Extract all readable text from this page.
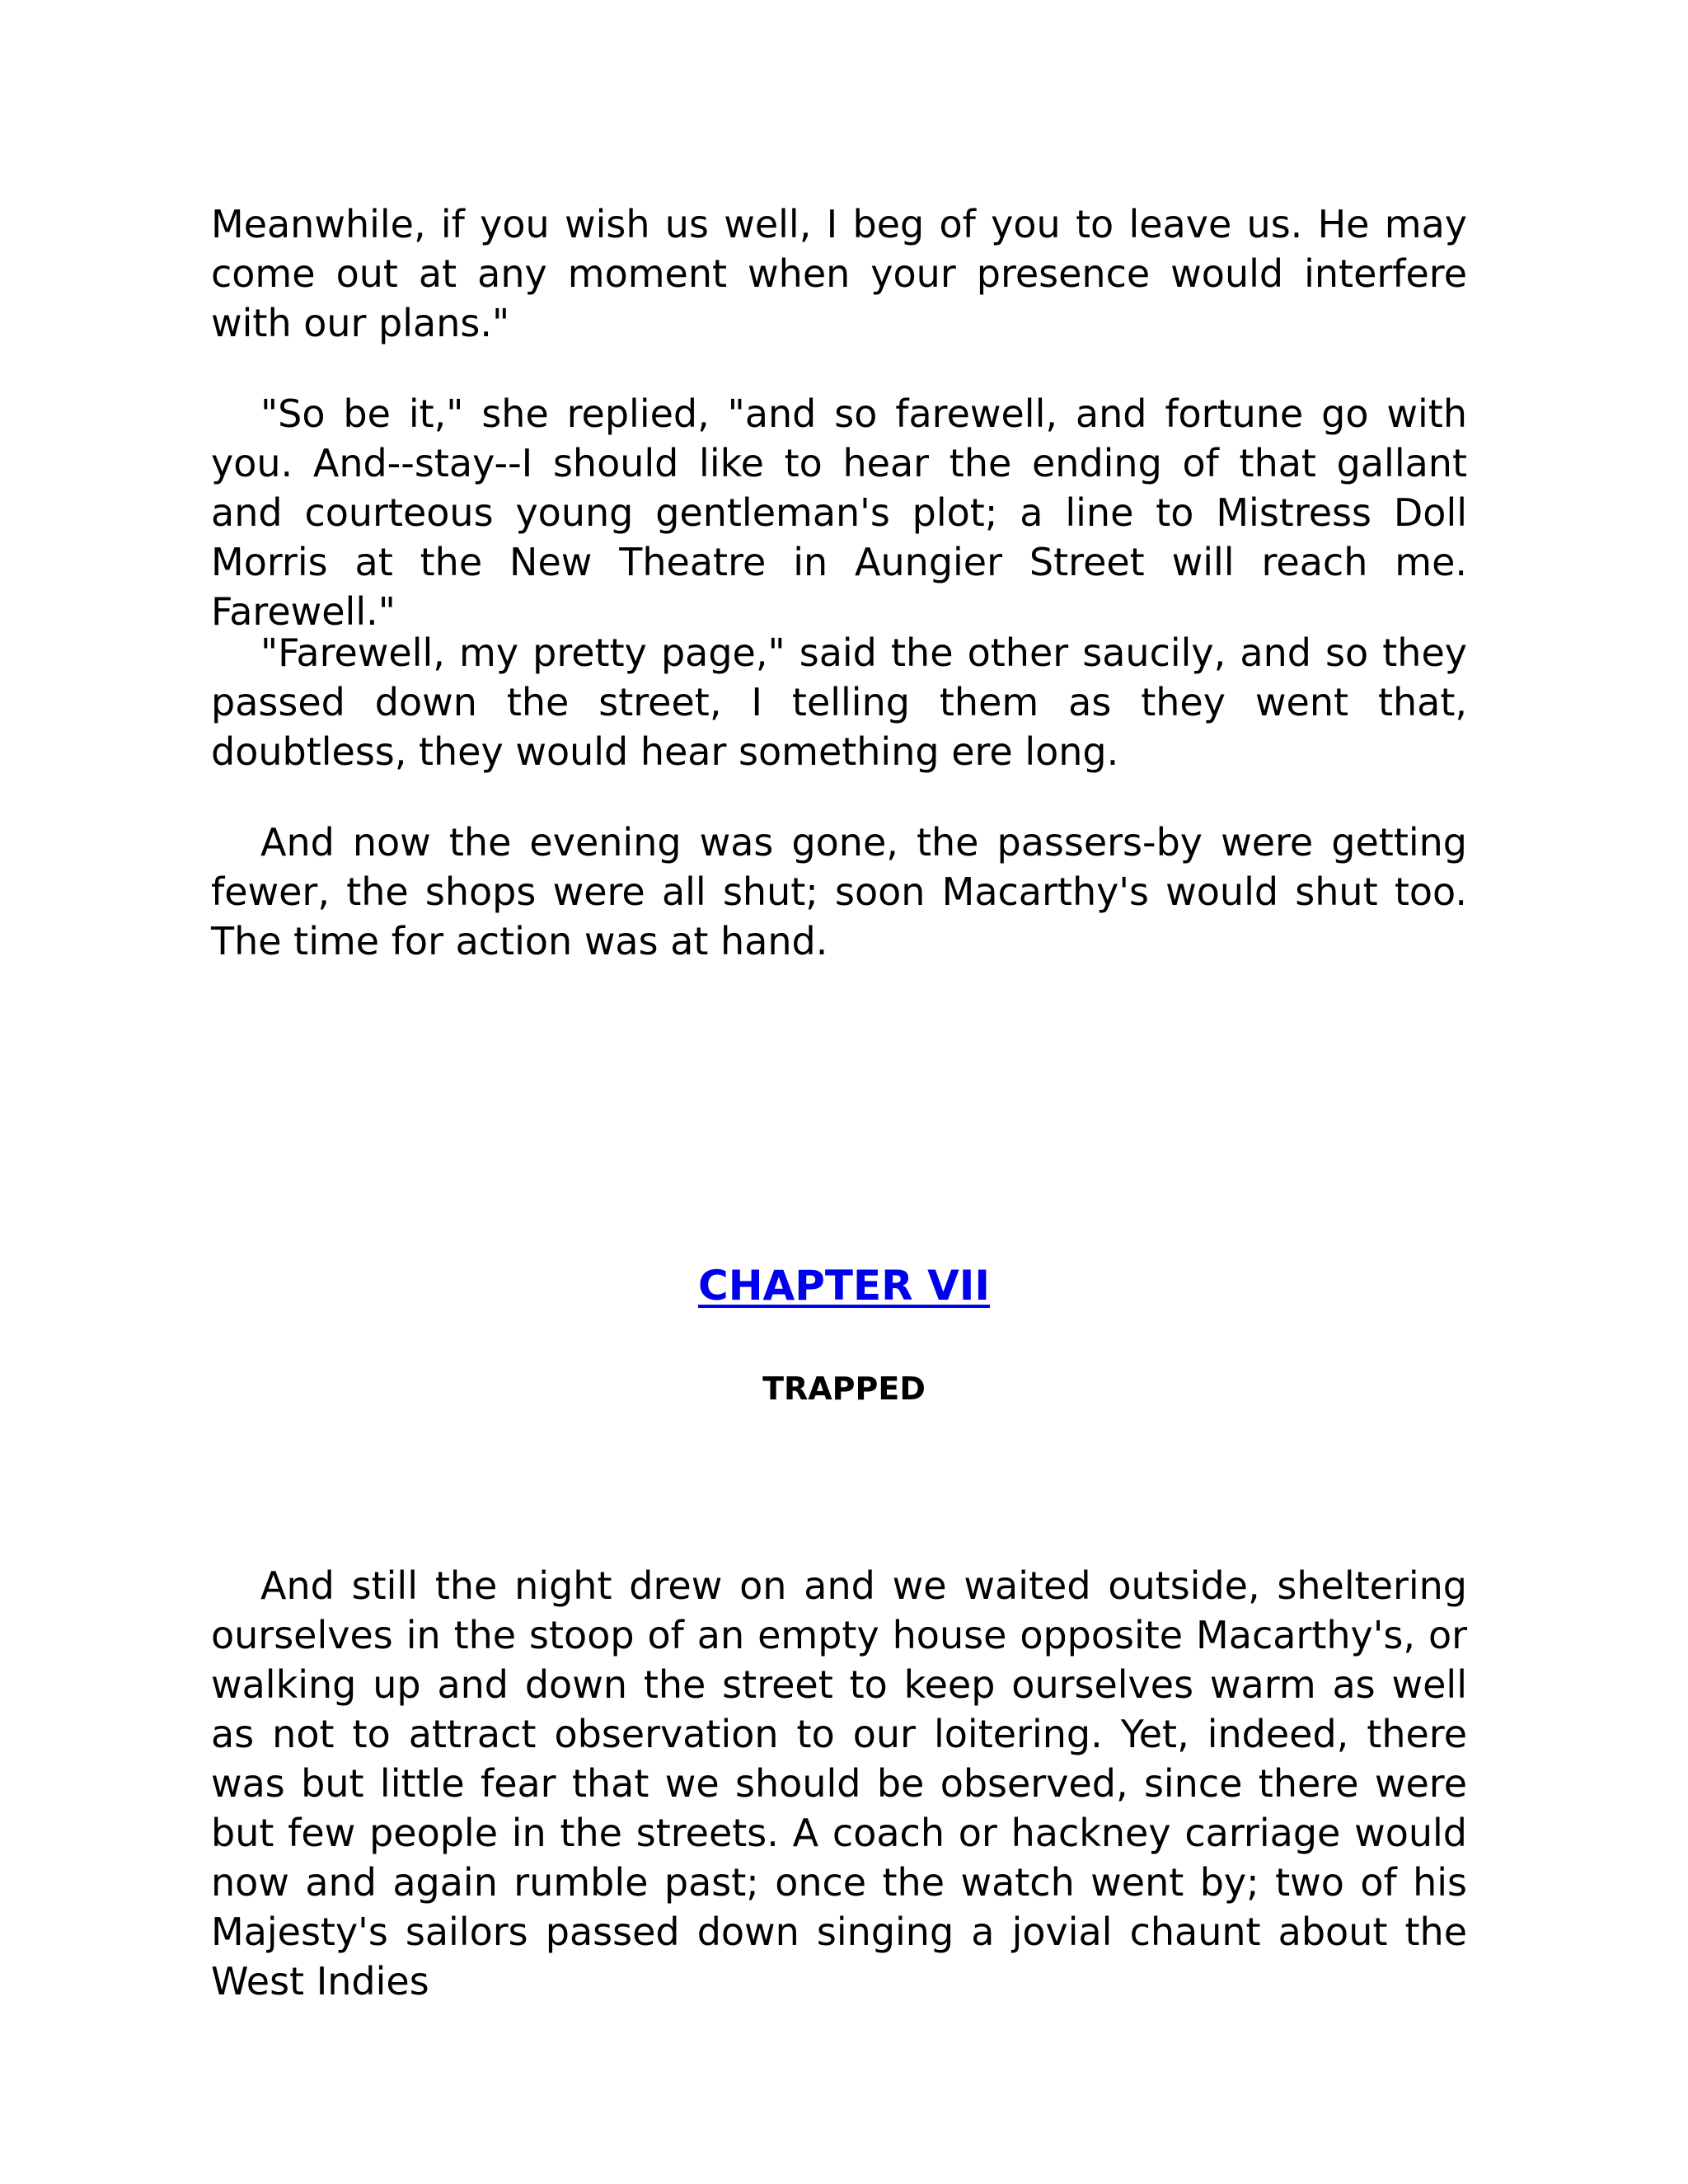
Meanwhile, if you wish us well, I beg of you to leave us. He may come out at any moment when your presence would interfere with our plans."

"So be it," she replied, "and so farewell, and fortune go with you. And--stay--I should like to hear the ending of that gallant and courteous young gentleman's plot; a line to Mistress Doll Morris at the New Theatre in Aungier Street will reach me. Farewell."

"Farewell, my pretty page," said the other saucily, and so they passed down the street, I telling them as they went that, doubtless, they would hear something ere long.

And now the evening was gone, the passers-by were getting fewer, the shops were all shut; soon Macarthy's would shut too. The time for action was at hand.

CHAPTER VII
TRAPPED

And still the night drew on and we waited outside, sheltering ourselves in the stoop of an empty house opposite Macarthy's, or walking up and down the street to keep ourselves warm as well as not to attract observation to our loitering. Yet, indeed, there was but little fear that we should be observed, since there were but few people in the streets. A coach or hackney carriage would now and again rumble past; once the watch went by; two of his Majesty's sailors passed down singing a jovial chaunt about the West Indies
